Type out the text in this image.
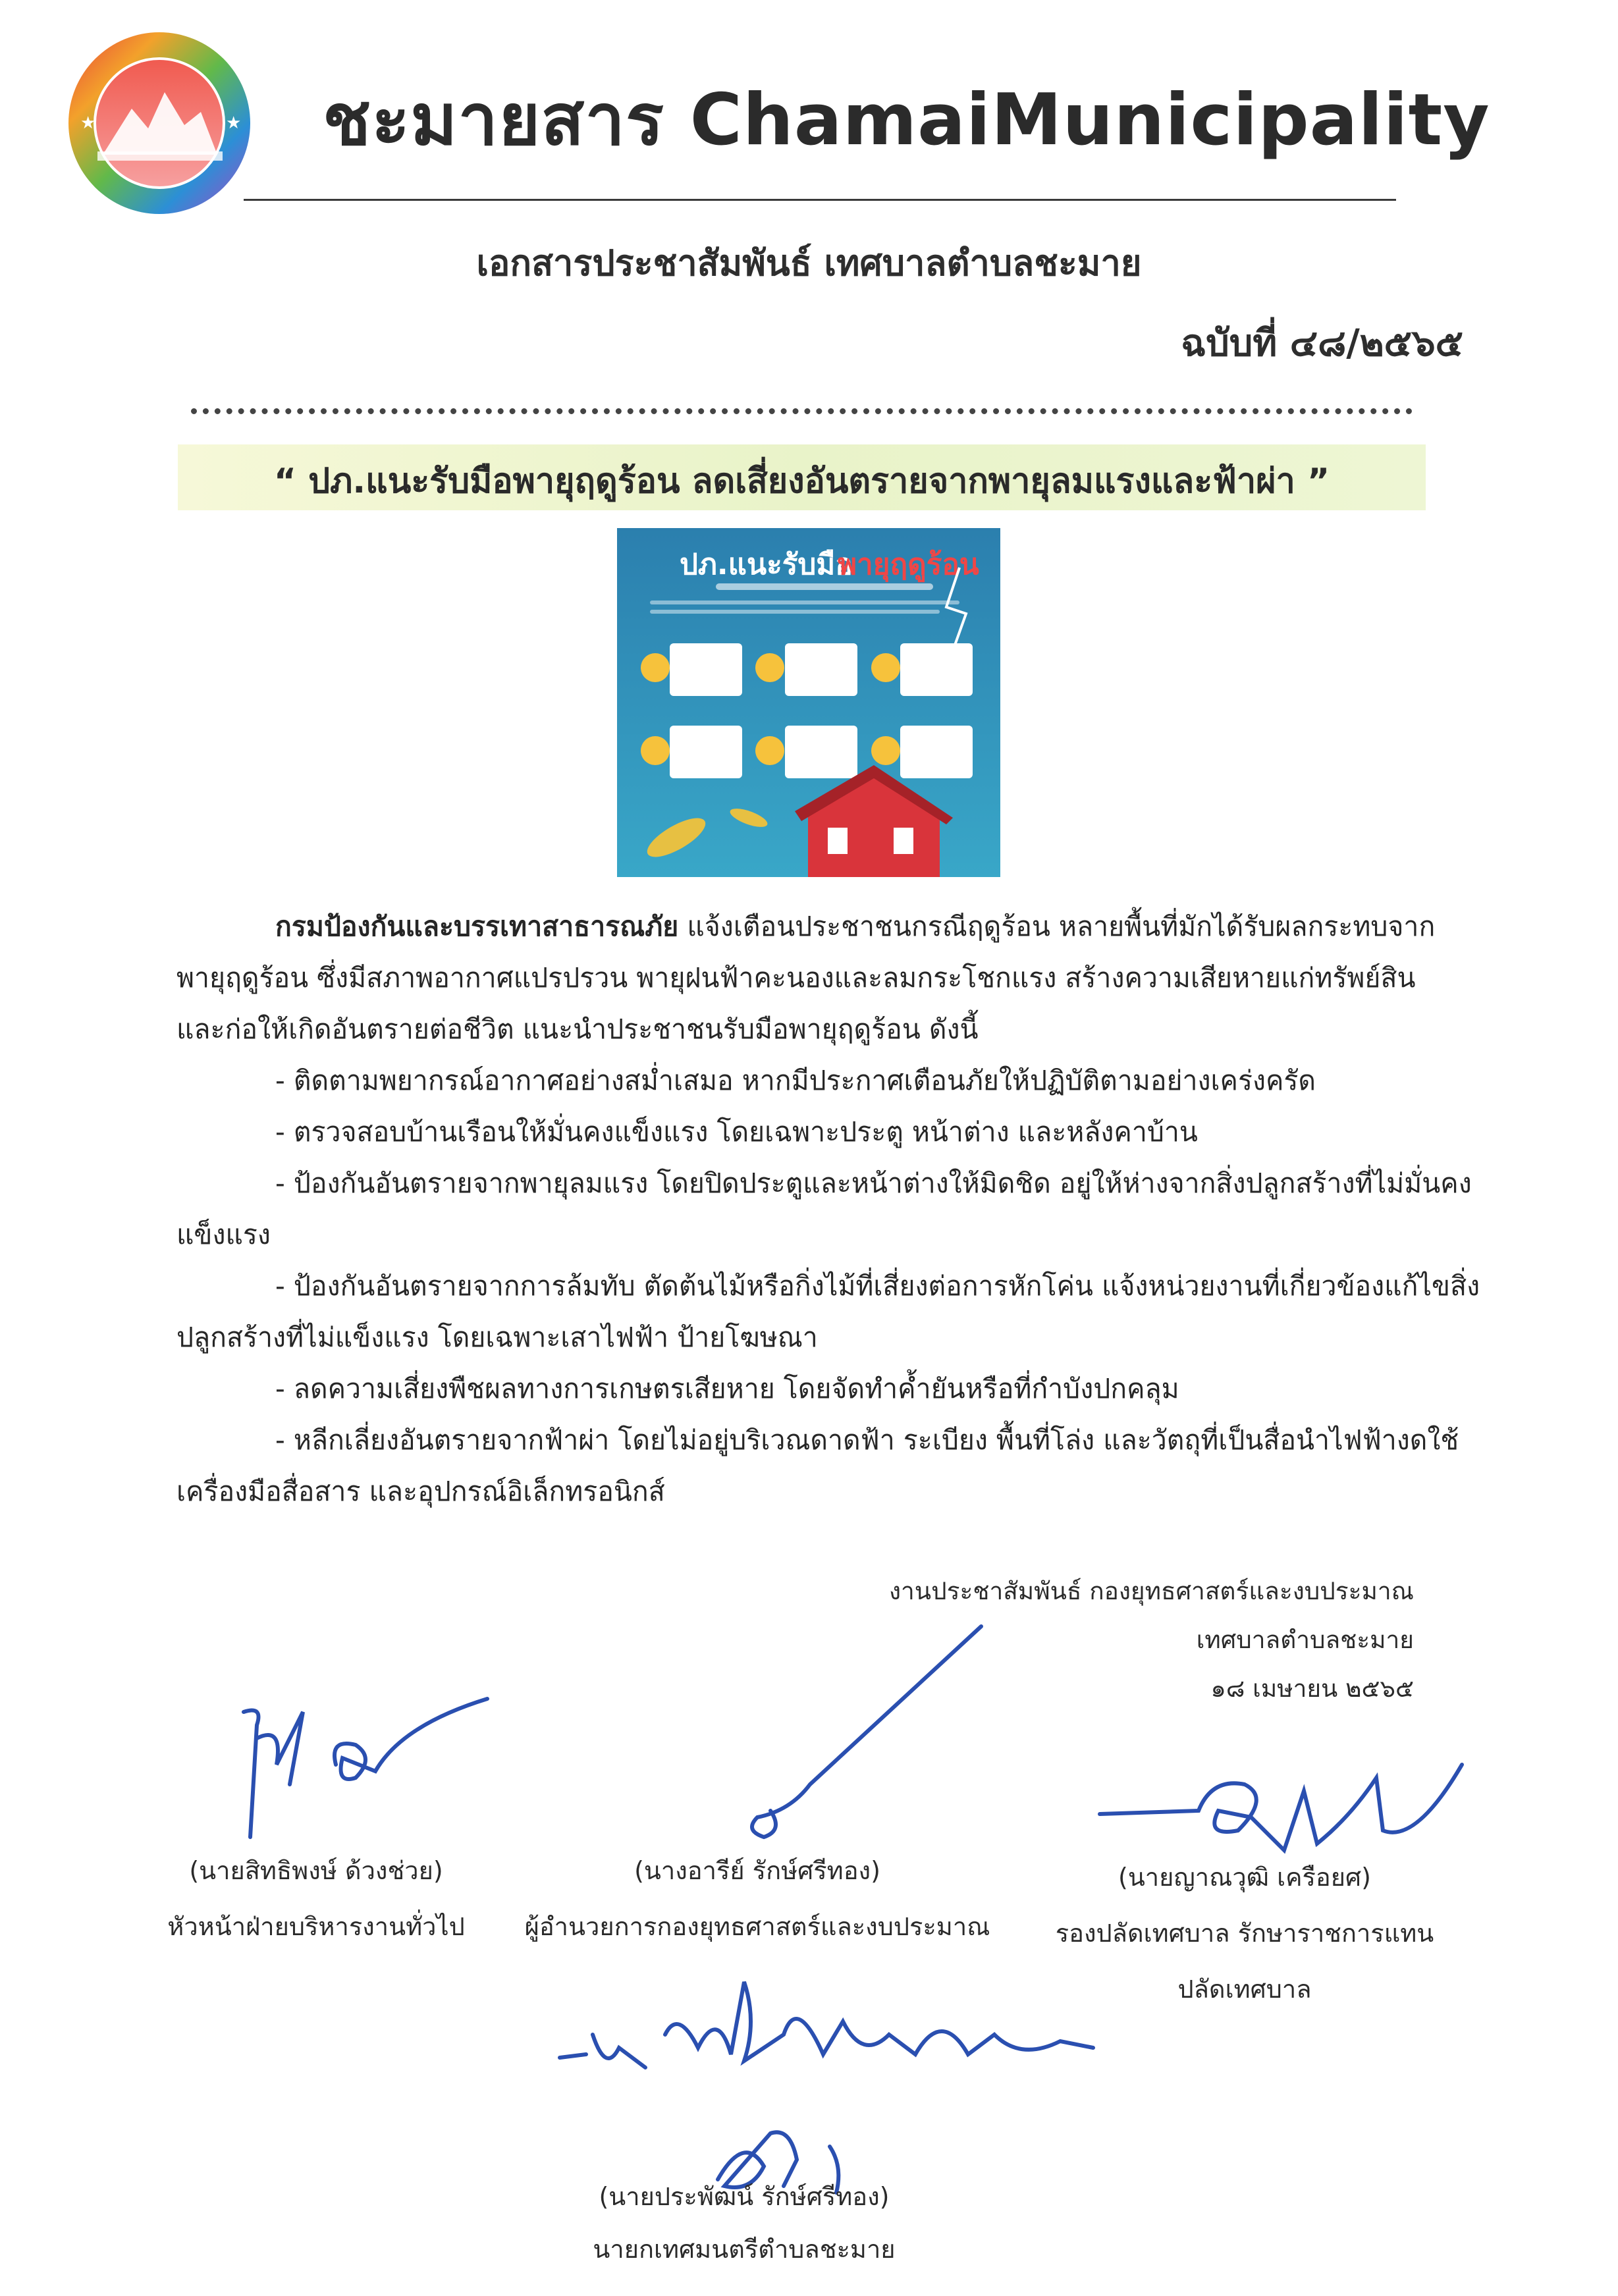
★	★ ชะมายสาร ChamaiMunicipality
เอกสารประชาสัมพันธ์ เทศบาลตำบลชะมาย
ฉบับที่ ๔๘/๒๕๖๕
“ ปภ.แนะรับมือพายุฤดูร้อน ลดเสี่ยงอันตรายจากพายุลมแรงและฟ้าผ่า ”
ปภ.แนะรับมือ
พายุฤดูร้อน
กรมป้องกันและบรรเทาสาธารณภัย แจ้งเตือนประชาชนกรณีฤดูร้อน หลายพื้นที่มักได้รับผลกระทบจาก
พายุฤดูร้อน ซึ่งมีสภาพอากาศแปรปรวน พายุฝนฟ้าคะนองและลมกระโชกแรง สร้างความเสียหายแก่ทรัพย์สิน
และก่อให้เกิดอันตรายต่อชีวิต แนะนำประชาชนรับมือพายุฤดูร้อน ดังนี้
- ติดตามพยากรณ์อากาศอย่างสม่ำเสมอ หากมีประกาศเตือนภัยให้ปฏิบัติตามอย่างเคร่งครัด
- ตรวจสอบบ้านเรือนให้มั่นคงแข็งแรง โดยเฉพาะประตู หน้าต่าง และหลังคาบ้าน
- ป้องกันอันตรายจากพายุลมแรง โดยปิดประตูและหน้าต่างให้มิดชิด อยู่ให้ห่างจากสิ่งปลูกสร้างที่ไม่มั่นคง
แข็งแรง
- ป้องกันอันตรายจากการล้มทับ ตัดต้นไม้หรือกิ่งไม้ที่เสี่ยงต่อการหักโค่น แจ้งหน่วยงานที่เกี่ยวข้องแก้ไขสิ่ง
ปลูกสร้างที่ไม่แข็งแรง โดยเฉพาะเสาไฟฟ้า ป้ายโฆษณา
- ลดความเสี่ยงพืชผลทางการเกษตรเสียหาย โดยจัดทำค้ำยันหรือที่กำบังปกคลุม
- หลีกเลี่ยงอันตรายจากฟ้าผ่า โดยไม่อยู่บริเวณดาดฟ้า ระเบียง พื้นที่โล่ง และวัตถุที่เป็นสื่อนำไฟฟ้างดใช้
เครื่องมือสื่อสาร และอุปกรณ์อิเล็กทรอนิกส์
งานประชาสัมพันธ์ กองยุทธศาสตร์และงบประมาณ
เทศบาลตำบลชะมาย
๑๘ เมษายน ๒๕๖๕
(นายสิทธิพงษ์ ด้วงช่วย)
หัวหน้าฝ่ายบริหารงานทั่วไป
(นางอารีย์ รักษ์ศรีทอง)
ผู้อำนวยการกองยุทธศาสตร์และงบประมาณ
(นายญาณวุฒิ เครือยศ)
รองปลัดเทศบาล รักษาราชการแทน
ปลัดเทศบาล
(นายประพัฒน์ รักษ์ศรีทอง)
นายกเทศมนตรีตำบลชะมาย
